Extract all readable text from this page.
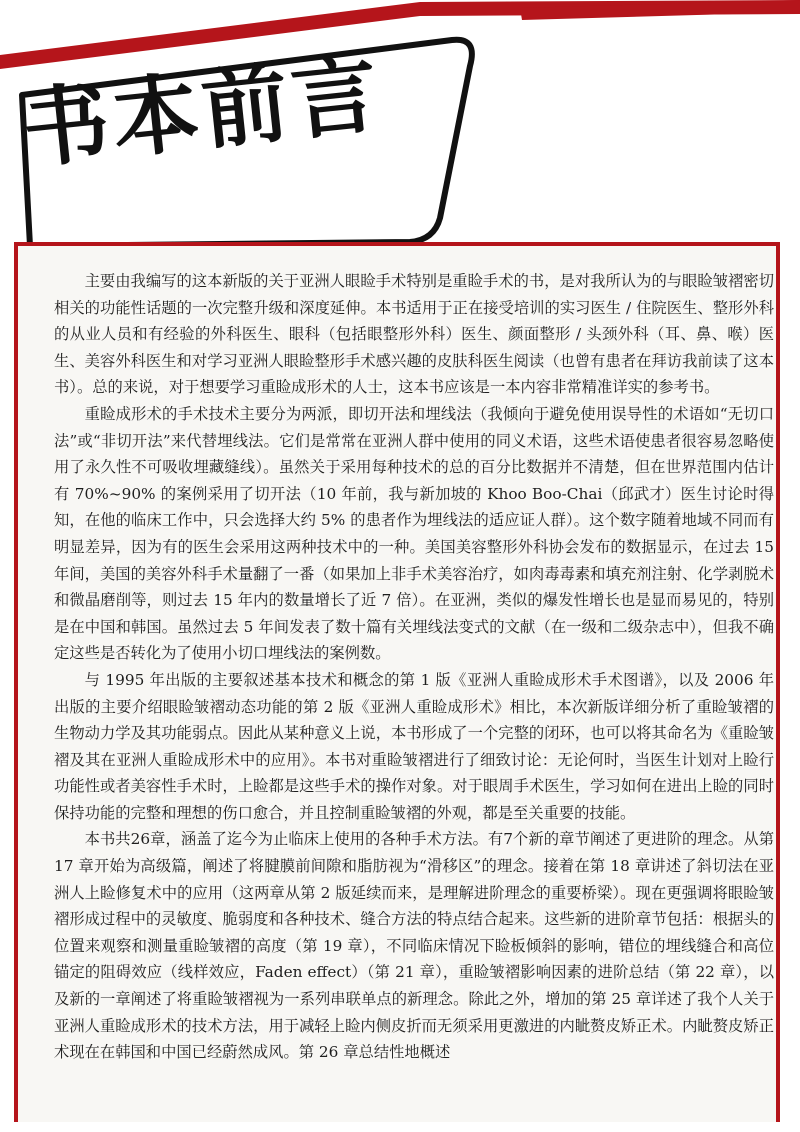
书本前言

主要由我编写的这本新版的关于亚洲人眼睑手术特别是重睑手术的书，是对我所认为的与眼睑皱褶密切相关的功能性话题的一次完整升级和深度延伸。本书适用于正在接受培训的实习医生 / 住院医生、整形外科的从业人员和有经验的外科医生、眼科（包括眼整形外科）医生、颜面整形 / 头颈外科（耳、鼻、喉）医生、美容外科医生和对学习亚洲人眼睑整形手术感兴趣的皮肤科医生阅读（也曾有患者在拜访我前读了这本书）。总的来说，对于想要学习重睑成形术的人士，这本书应该是一本内容非常精准详实的参考书。

重睑成形术的手术技术主要分为两派，即切开法和埋线法（我倾向于避免使用误导性的术语如“无切口法”或“非切开法”来代替埋线法。它们是常常在亚洲人群中使用的同义术语，这些术语使患者很容易忽略使用了永久性不可吸收埋藏缝线）。虽然关于采用每种技术的总的百分比数据并不清楚，但在世界范围内估计有 70%~90% 的案例采用了切开法（10 年前，我与新加坡的 Khoo Boo-Chai（邱武才）医生讨论时得知，在他的临床工作中，只会选择大约 5% 的患者作为埋线法的适应证人群）。这个数字随着地域不同而有明显差异，因为有的医生会采用这两种技术中的一种。美国美容整形外科协会发布的数据显示，在过去 15 年间，美国的美容外科手术量翻了一番（如果加上非手术美容治疗，如肉毒毒素和填充剂注射、化学剥脱术和微晶磨削等，则过去 15 年内的数量增长了近 7 倍）。在亚洲，类似的爆发性增长也是显而易见的，特别是在中国和韩国。虽然过去 5 年间发表了数十篇有关埋线法变式的文献（在一级和二级杂志中），但我不确定这些是否转化为了使用小切口埋线法的案例数。

与 1995 年出版的主要叙述基本技术和概念的第 1 版《亚洲人重睑成形术手术图谱》，以及 2006 年出版的主要介绍眼睑皱褶动态功能的第 2 版《亚洲人重睑成形术》相比，本次新版详细分析了重睑皱褶的生物动力学及其功能弱点。因此从某种意义上说，本书形成了一个完整的闭环，也可以将其命名为《重睑皱褶及其在亚洲人重睑成形术中的应用》。本书对重睑皱褶进行了细致讨论：无论何时，当医生计划对上睑行功能性或者美容性手术时，上睑都是这些手术的操作对象。对于眼周手术医生，学习如何在进出上睑的同时保持功能的完整和理想的伤口愈合，并且控制重睑皱褶的外观，都是至关重要的技能。

本书共26章，涵盖了迄今为止临床上使用的各种手术方法。有7个新的章节阐述了更进阶的理念。从第 17 章开始为高级篇，阐述了将腱膜前间隙和脂肪视为“滑移区”的理念。接着在第 18 章讲述了斜切法在亚洲人上睑修复术中的应用（这两章从第 2 版延续而来，是理解进阶理念的重要桥梁）。现在更强调将眼睑皱褶形成过程中的灵敏度、脆弱度和各种技术、缝合方法的特点结合起来。这些新的进阶章节包括：根据头的位置来观察和测量重睑皱褶的高度（第 19 章），不同临床情况下睑板倾斜的影响，错位的埋线缝合和高位锚定的阻碍效应（线样效应，Faden effect）（第 21 章），重睑皱褶影响因素的进阶总结（第 22 章），以及新的一章阐述了将重睑皱褶视为一系列串联单点的新理念。除此之外，增加的第 25 章详述了我个人关于亚洲人重睑成形术的技术方法，用于减轻上睑内侧皮折而无须采用更激进的内眦赘皮矫正术。内眦赘皮矫正术现在在韩国和中国已经蔚然成风。第 26 章总结性地概述
